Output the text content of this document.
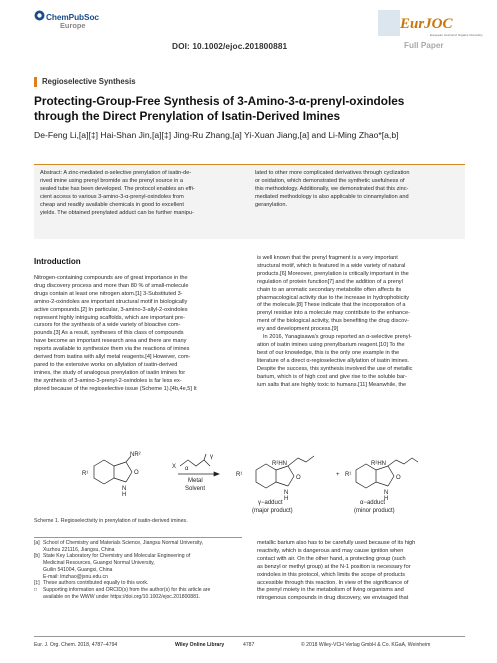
ChemPubSoc
Europe
DOI: 10.1002/ejoc.201800881
EurJOC
European Journal of Organic Chemistry
Full Paper
Regioselective Synthesis
Protecting-Group-Free Synthesis of 3-Amino-3-α-prenyl-oxindoles
through the Direct Prenylation of Isatin-Derived Imines
De-Feng Li,[a][‡] Hai-Shan Jin,[a][‡] Jing-Ru Zhang,[a] Yi-Xuan Jiang,[a] and Li-Ming Zhao*[a,b]
Abstract: A zinc-mediated α-selective prenylation of isatin-de-
rived imine using prenyl bromide as the prenyl source in a
sealed tube has been developed. The protocol enables an effi-
cient access to various 3-amino-3-α-prenyl-oxindoles from
cheap and readily available chemicals in good to excellent
yields. The obtained prenylated adduct can be further manipu-
lated to other more complicated derivatives through cyclization
or oxidation, which demonstrated the synthetic usefulness of
this methodology. Additionally, we demonstrated that this zinc-
mediated methodology is also applicable to cinnamylation and
geranylation.
Introduction
Nitrogen-containing compounds are of great importance in the
drug discovery process and more than 80 % of small-molecule
drugs contain at least one nitrogen atom.[1] 3-Substituted 3-
amino-2-oxindoles are important structural motif in biologically
active compounds.[2] In particular, 3-amino-3-allyl-2-oxindoles
represent highly intriguing scaffolds, which are important pre-
cursors for the synthesis of a wide variety of bioactive com-
pounds.[3] As a result, syntheses of this class of compounds
have become an important research area and there are many
reports available to synthesize them via the reactions of imines
derived from isatins with allyl metal reagents.[4] However, com-
pared to the extensive works on allylation of isatin-derived
imines, the study of analogous prenylation of isatin imines for
the synthesis of 3-amino-3-prenyl-2-oxindoles is far less ex-
plored because of the regioselective issue (Scheme 1).[4b,4e,5] It
is well known that the prenyl fragment is a very important
structural motif, which is featured in a wide variety of natural
products.[6] Moreover, prenylation is critically important in the
regulation of protein function[7] and the addition of a prenyl
chain to an aromatic secondary metabolite often affects its
pharmacological activity due to the increase in hydrophobicity
of the molecule.[8] These indicate that the incorporation of a
prenyl residue into a molecule may contribute to the enhance-
ment of the biological activity, thus benefiting the drug discov-
ery and development process.[9]
In 2016, Yanagisawa's group reported an α-selective prenyl-
ation of isatin imines using prenylbarium reagent.[10] To the
best of our knowledge, this is the only one example in the
literature of a direct α-regioselective allylation of isatin imines.
Despite the success, this synthesis involved the use of metallic
barium, which is of high cost and give rise to the soluble bar-
ium salts that are highly toxic to humans.[11] Meanwhile, the
NR²
R¹	O
N
H
X
γ
α
Metal
Solvent
R¹
R²HN
O
N
H
+ R¹
R²HN
O
N
H
γ−adduct
(major product)
α−adduct
(minor product)
Scheme 1. Regioselectivity in prenylation of isatin-derived imines.
[a] School of Chemistry and Materials Science, Jiangsu Normal University,
Xuzhou 221116, Jiangsu, China
[b] State Key Laboratory for Chemistry and Molecular Engineering of
Medicinal Resources, Guangxi Normal University,
Guilin 541004, Guangxi, China
E-mail: lmzhao@jsnu.edu.cn
[‡] These authors contributed equally to this work.
□	Supporting information and ORCID(s) from the author(s) for this article are
available on the WWW under https://doi.org/10.1002/ejoc.201800881.
metallic barium also has to be carefully used because of its high
reactivity, which is dangerous and may cause ignition when
contact with air. On the other hand, a protecting group (such
as benzyl or methyl group) at the N-1 position is necessary for
oxindoles in this protocol, which limits the scope of products
accessible through this reaction. In view of the significance of
the prenyl moiety in the metabolism of living organisms and
nitrogenous compounds in drug discovery, we envisaged that
Eur. J. Org. Chem. 2018, 4787–4794	Wiley Online Library	4787	© 2018 Wiley-VCH Verlag GmbH & Co. KGaA, Weinheim
